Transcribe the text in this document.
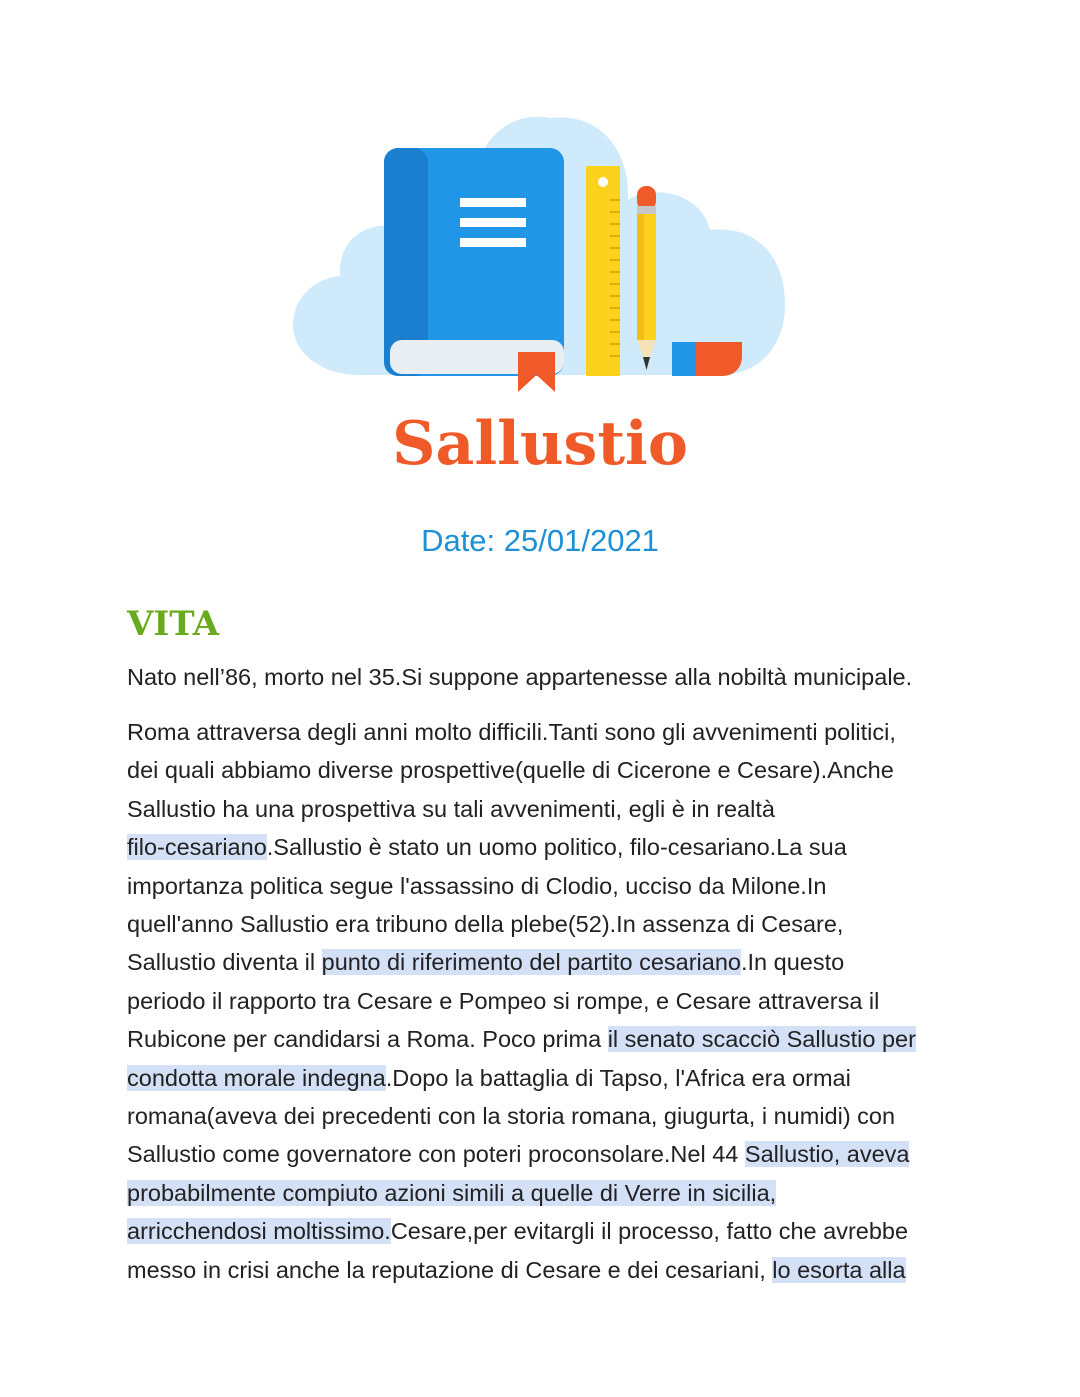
Sallustio

Date: 25/01/2021

VITA

Nato nell’86, morto nel 35.Si suppone appartenesse alla nobiltà municipale.

Roma attraversa degli anni molto difficili.Tanti sono gli avvenimenti politici,
dei quali abbiamo diverse prospettive(quelle di Cicerone e Cesare).Anche
Sallustio ha una prospettiva su tali avvenimenti, egli è in realtà
filo-cesariano.Sallustio è stato un uomo politico, filo-cesariano.La sua
importanza politica segue l'assassino di Clodio, ucciso da Milone.In
quell'anno Sallustio era tribuno della plebe(52).In assenza di Cesare,
Sallustio diventa il punto di riferimento del partito cesariano.In questo
periodo il rapporto tra Cesare e Pompeo si rompe, e Cesare attraversa il
Rubicone per candidarsi a Roma. Poco prima il senato scacciò Sallustio per
condotta morale indegna.Dopo la battaglia di Tapso, l'Africa era ormai
romana(aveva dei precedenti con la storia romana, giugurta, i numidi) con
Sallustio come governatore con poteri proconsolare.Nel 44 Sallustio, aveva
probabilmente compiuto azioni simili a quelle di Verre in sicilia,
arricchendosi moltissimo.Cesare,per evitargli il processo, fatto che avrebbe
messo in crisi anche la reputazione di Cesare e dei cesariani, lo esorta alla
